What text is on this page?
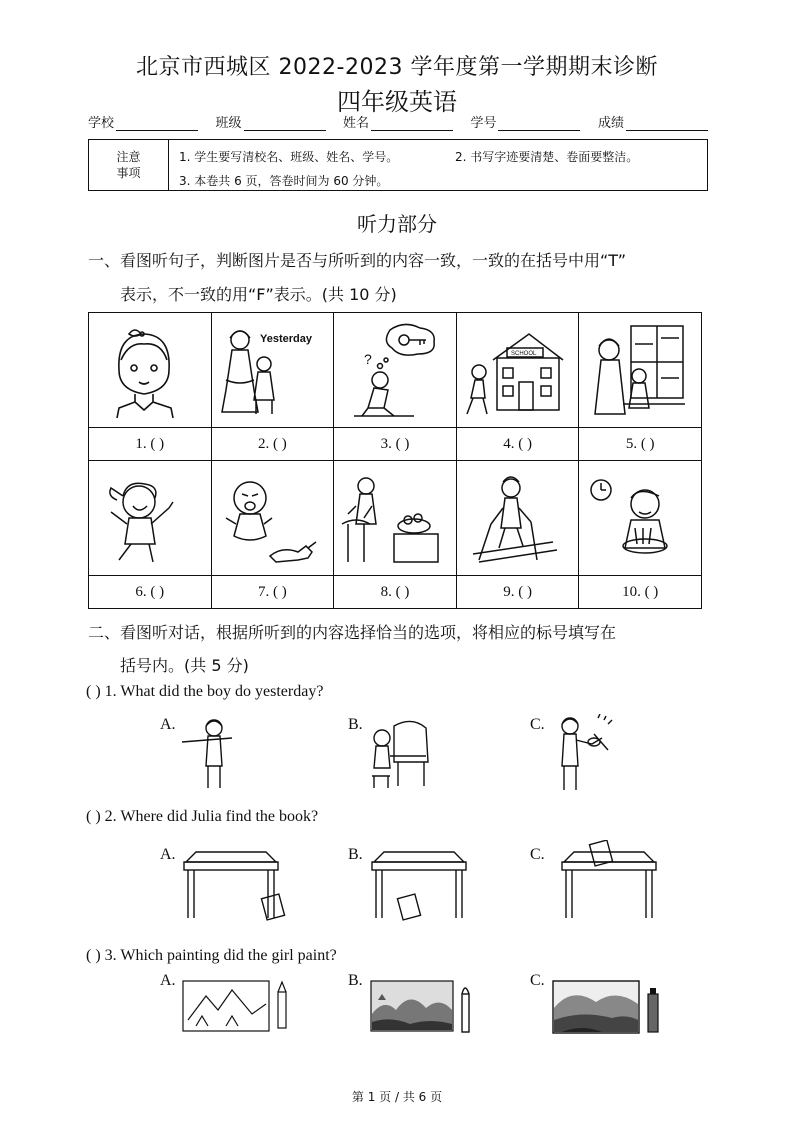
北京市西城区 2022-2023 学年度第一学期期末诊断
四年级英语
学校	班级	姓名	学号	成绩
注意
事项
1. 学生要写清校名、班级、姓名、学号。	2. 书写字迹要清楚、卷面要整洁。
3. 本卷共 6 页，答卷时间为 60 分钟。
听力部分
一、看图听句子，判断图片是否与所听到的内容一致，一致的在括号中用“T”
表示，不一致的用“F”表示。(共 10 分)

Yesterday	?	SCHOOL

1. ( )	2. ( )	3. ( )	4. ( )	5. ( )

6. ( )	7. ( )	8. ( )	9. ( )	10. ( )
二、看图听对话，根据所听到的内容选择恰当的选项，将相应的标号填写在
括号内。(共 5 分)
( ) 1. What did the boy do yesterday?
A.	B.	C.
( ) 2. Where did Julia find the book?
A.	B.	C.
( ) 3. Which painting did the girl paint?
A.	B.	C.
第 1 页 / 共 6 页
